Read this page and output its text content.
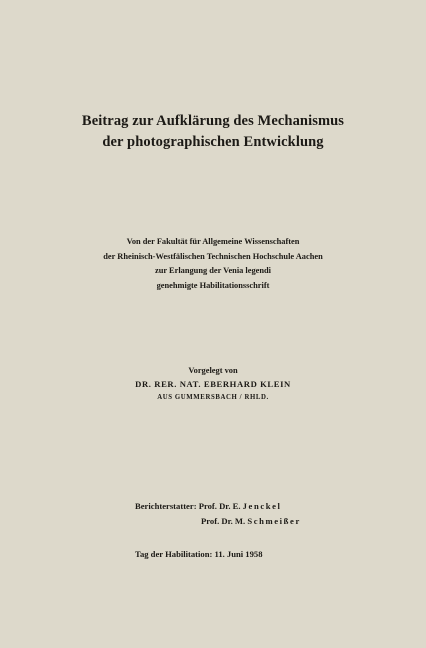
Beitrag zur Aufklärung des Mechanismus
der photographischen Entwicklung
Von der Fakultät für Allgemeine Wissenschaften
der Rheinisch-Westfälischen Technischen Hochschule Aachen
zur Erlangung der Venia legendi
genehmigte Habilitationsschrift
Vorgelegt von
DR. RER. NAT. EBERHARD KLEIN
AUS GUMMERSBACH / RHLD.
Berichterstatter: Prof. Dr. E. Jenckel
Prof. Dr. M. Schmeißer
Tag der Habilitation: 11. Juni 1958
